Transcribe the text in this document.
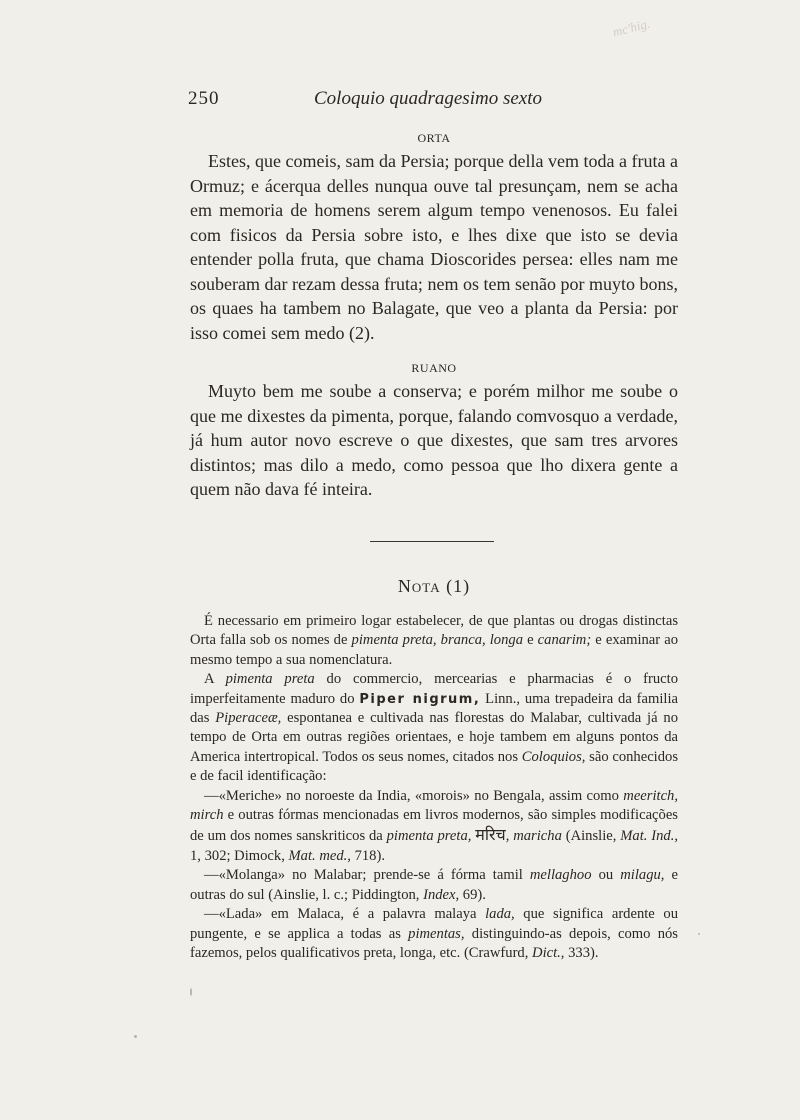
mc'hig.
250	Coloquio quadragesimo sexto
ORTA

Estes, que comeis, sam da Persia; porque della vem toda a fruta a Ormuz; e ácerqua delles nunqua ouve tal presunçam, nem se acha em memoria de homens serem algum tempo venenosos. Eu falei com fisicos da Persia sobre isto, e lhes dixe que isto se devia entender polla fruta, que chama Dioscorides persea: elles nam me souberam dar rezam dessa fruta; nem os tem senão por muyto bons, os quaes ha tambem no Balagate, que veo a planta da Persia: por isso comei sem medo (2).

RUANO

Muyto bem me soube a conserva; e porém milhor me soube o que me dixestes da pimenta, porque, falando comvosquo a verdade, já hum autor novo escreve o que dixestes, que sam tres arvores distintos; mas dilo a medo, como pessoa que lho dixera gente a quem não dava fé inteira.

Nota (1)

É necessario em primeiro logar estabelecer, de que plantas ou drogas distinctas Orta falla sob os nomes de pimenta preta, branca, longa e canarim; e examinar ao mesmo tempo a sua nomenclatura.

A pimenta preta do commercio, mercearias e pharmacias é o fructo imperfeitamente maduro do Piper nigrum, Linn., uma trepadeira da familia das Piperaceæ, espontanea e cultivada nas florestas do Malabar, cultivada já no tempo de Orta em outras regiões orientaes, e hoje tambem em alguns pontos da America intertropical. Todos os seus nomes, citados nos Coloquios, são conhecidos e de facil identificação:

—«Meriche» no noroeste da India, «morois» no Bengala, assim como meeritch, mirch e outras fórmas mencionadas em livros modernos, são simples modificações de um dos nomes sanskriticos da pimenta preta, मरिच, maricha (Ainslie, Mat. Ind., 1, 302; Dimock, Mat. med., 718).

—«Molanga» no Malabar; prende-se á fórma tamil mellaghoo ou milagu, e outras do sul (Ainslie, l. c.; Piddington, Index, 69).

—«Lada» em Malaca, é a palavra malaya lada, que significa ardente ou pungente, e se applica a todas as pimentas, distinguindo-as depois, como nós fazemos, pelos qualificativos preta, longa, etc. (Crawfurd, Dict., 333).
